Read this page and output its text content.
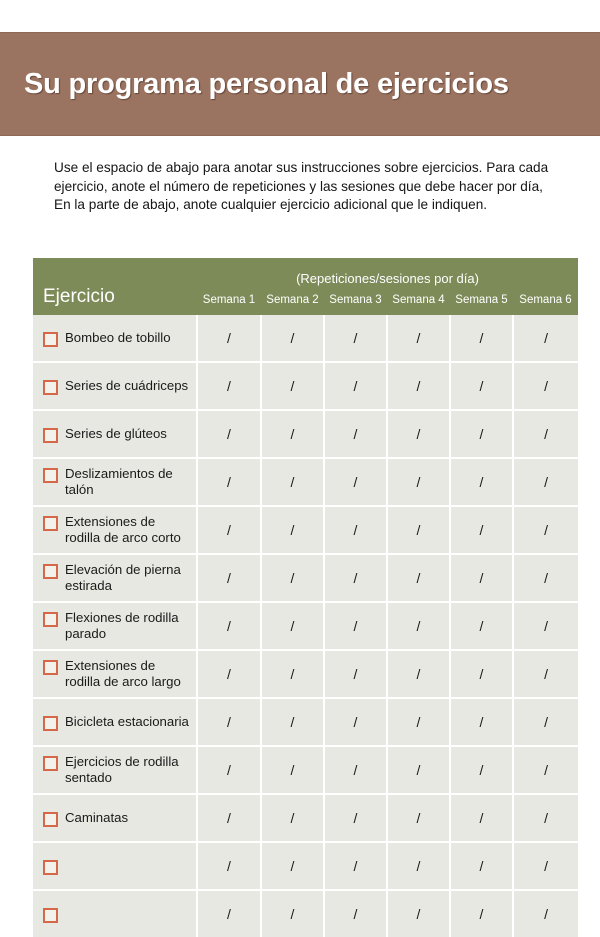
Su programa personal de ejercicios

Use el espacio de abajo para anotar sus instrucciones sobre ejercicios. Para cada ejercicio, anote el número de repeticiones y las sesiones que debe hacer por día, En la parte de abajo, anote cualquier ejercicio adicional que le indiquen.

Ejercicio	(Repeticiones/sesiones por día)					
	Semana 1	Semana 2	Semana 3	Semana 4	Semana 5	Semana 6

Bombeo de tobillo	/	/	/	/	/	/

Series de cuádriceps	/	/	/	/	/	/

Series de glúteos	/	/	/	/	/	/

Deslizamientos de talón	/	/	/	/	/	/

Extensiones de rodilla de arco corto	/	/	/	/	/	/

Elevación de pierna estirada	/	/	/	/	/	/

Flexiones de rodilla parado	/	/	/	/	/	/

Extensiones de rodilla de arco largo	/	/	/	/	/	/

Bicicleta estacionaria	/	/	/	/	/	/

Ejercicios de rodilla sentado	/	/	/	/	/	/

Caminatas	/	/	/	/	/	/

	/	/	/	/	/	/

	/	/	/	/	/	/
